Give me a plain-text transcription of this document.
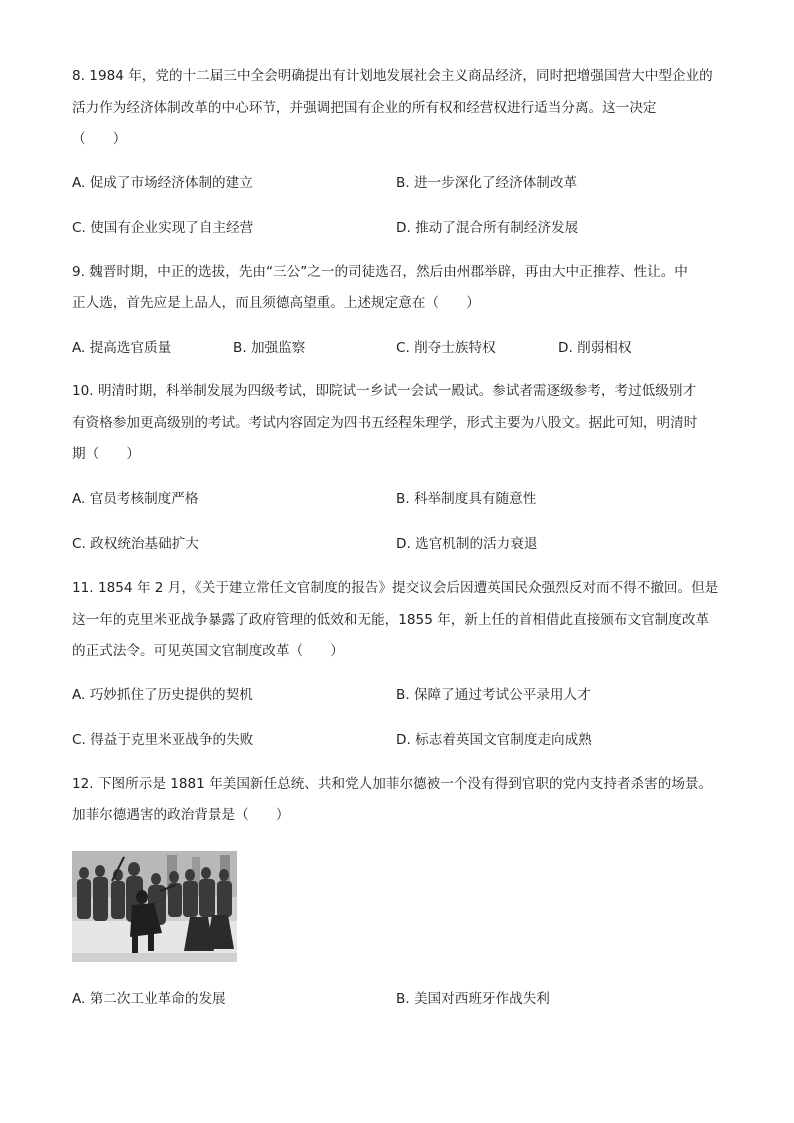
8. 1984 年，党的十二届三中全会明确提出有计划地发展社会主义商品经济，同时把增强国营大中型企业的
活力作为经济体制改革的中心环节，并强调把国有企业的所有权和经营权进行适当分离。这一决定
（　　）
A. 促成了市场经济体制的建立	B. 进一步深化了经济体制改革
C. 使国有企业实现了自主经营	D. 推动了混合所有制经济发展
9. 魏晋时期，中正的选拔，先由“三公”之一的司徒选召，然后由州郡举辟，再由大中正推荐、性让。中
正人选，首先应是上品人，而且须德高望重。上述规定意在（　　）
A. 提高选官质量	B. 加强监察	C. 削夺士族特权	D. 削弱相权
10. 明清时期，科举制发展为四级考试，即院试一乡试一会试一殿试。参试者需逐级参考，考过低级别才
有资格参加更高级别的考试。考试内容固定为四书五经程朱理学，形式主要为八股文。据此可知，明清时
期（　　）
A. 官员考核制度严格	B. 科举制度具有随意性
C. 政权统治基础扩大	D. 选官机制的活力衰退
11. 1854 年 2 月，《关于建立常任文官制度的报告》提交议会后因遭英国民众强烈反对而不得不撤回。但是
这一年的克里米亚战争暴露了政府管理的低效和无能，1855 年，新上任的首相借此直接颁布文官制度改革
的正式法令。可见英国文官制度改革（　　）
A. 巧妙抓住了历史提供的契机	B. 保障了通过考试公平录用人才
C. 得益于克里米亚战争的失败	D. 标志着英国文官制度走向成熟
12. 下图所示是 1881 年美国新任总统、共和党人加菲尔德被一个没有得到官职的党内支持者杀害的场景。
加菲尔德遇害的政治背景是（　　）
A. 第二次工业革命的发展	B. 美国对西班牙作战失利
